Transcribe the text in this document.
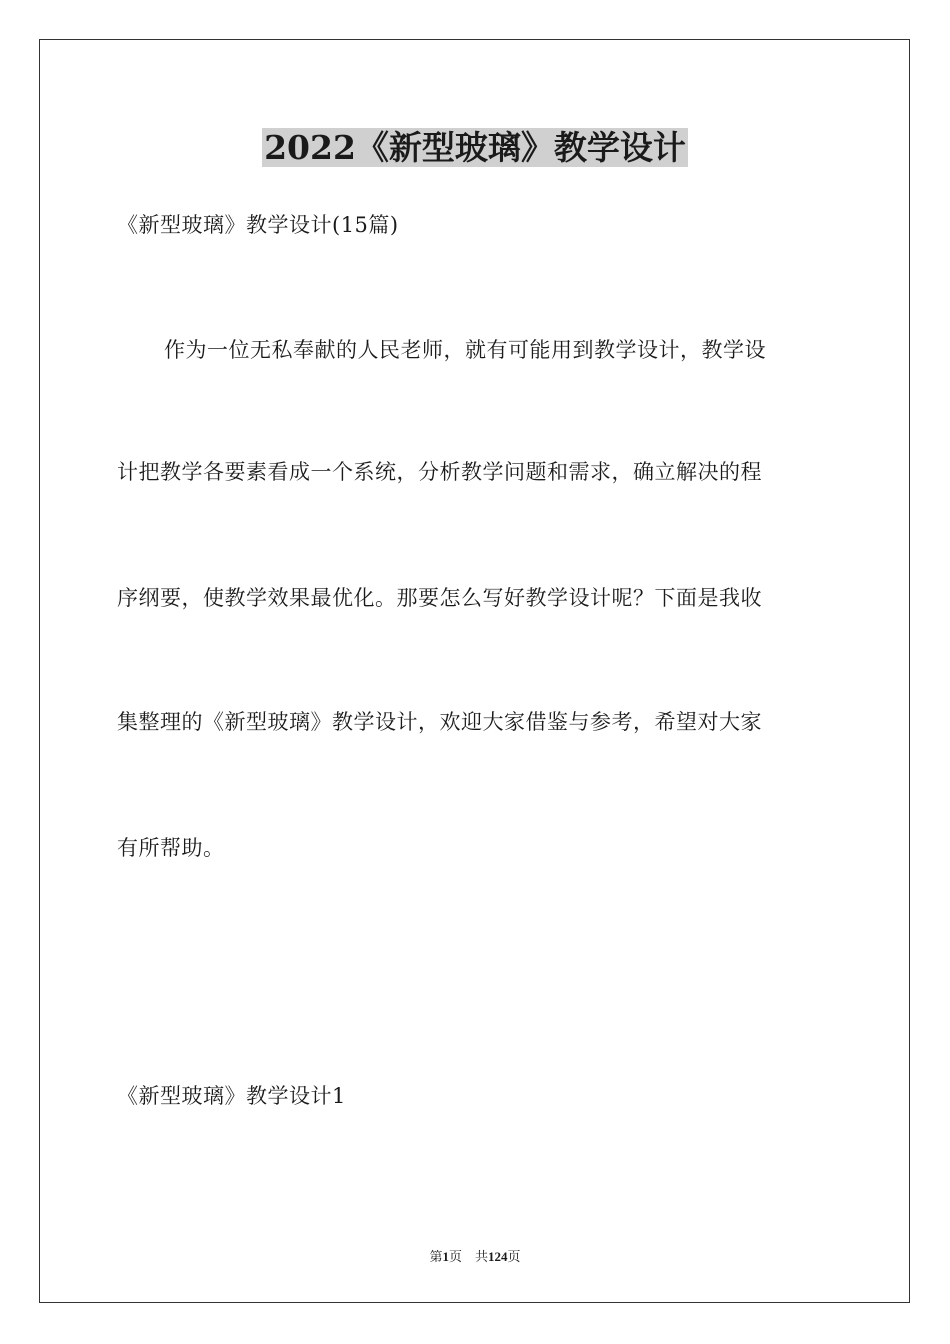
2022《新型玻璃》教学设计
《新型玻璃》教学设计(15篇)
作为一位无私奉献的人民老师，就有可能用到教学设计，教学设
计把教学各要素看成一个系统，分析教学问题和需求，确立解决的程
序纲要，使教学效果最优化。那要怎么写好教学设计呢？下面是我收
集整理的《新型玻璃》教学设计，欢迎大家借鉴与参考，希望对大家
有所帮助。
《新型玻璃》教学设计1
第1页 共124页
